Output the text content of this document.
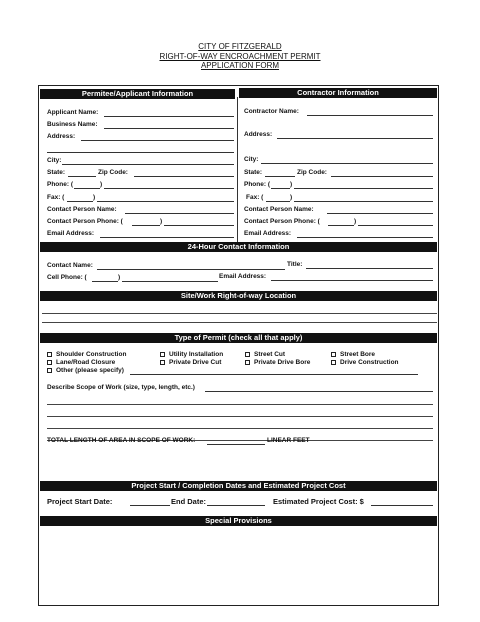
CITY OF FITZGERALD
RIGHT-OF-WAY ENCROACHMENT PERMIT
APPLICATION FORM
Permitee/Applicant Information	Contractor Information
Applicant Name:
Business Name:
Address:
City:
State:	Zip Code:
Phone: (	)
Fax: (	)
Contact Person Name:
Contact Person Phone: (	)
Email Address:
Contractor Name:
Address:
City:
State:	Zip Code:
Phone: (	)
Fax: (	)
Contact Person Name:
Contact Person Phone: (	)
Email Address:
24-Hour Contact Information
Contact Name:	Title:
Cell Phone: (	)	Email Address:
Site/Work Right-of-way Location
Type of Permit (check all that apply)
Shoulder Construction
Lane/Road Closure
Other (please specify)
Utility Installation
Private Drive Cut
Street Cut
Private Drive Bore
Street Bore
Drive Construction
Describe Scope of Work (size, type, length, etc.)
TOTAL LENGTH OF AREA IN SCOPE OF WORK:	LINEAR FEET
Project Start / Completion Dates and Estimated Project Cost
Project Start Date:	End Date:	Estimated Project Cost: $
Special Provisions
